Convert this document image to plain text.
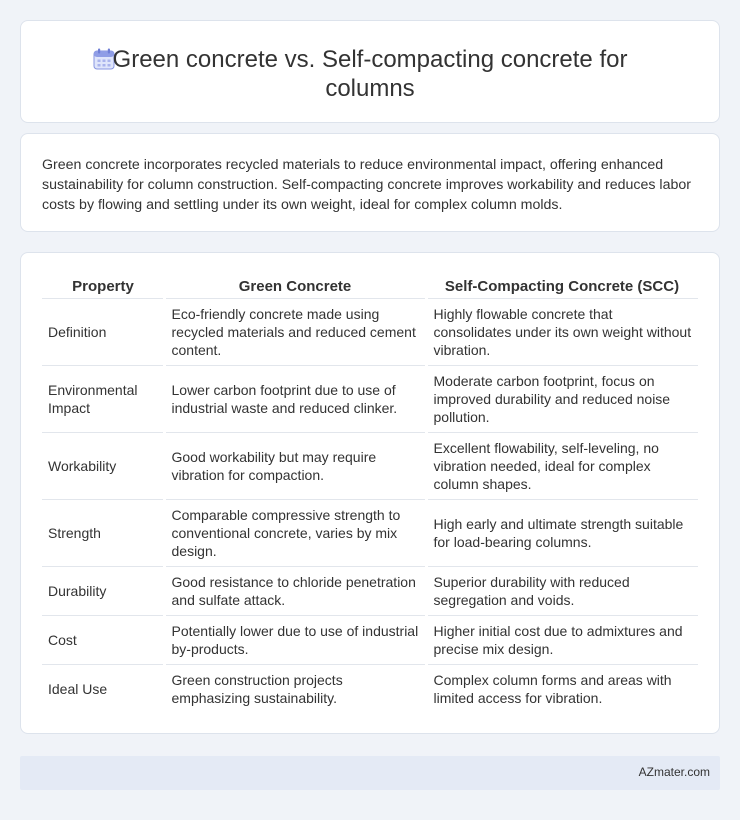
Green concrete vs. Self-compacting concrete for columns

Green concrete incorporates recycled materials to reduce environmental impact, offering enhanced sustainability for column construction. Self-compacting concrete improves workability and reduces labor costs by flowing and settling under its own weight, ideal for complex column molds.

Property	Green Concrete	Self-Compacting Concrete (SCC)
Definition	Eco-friendly concrete made using recycled materials and reduced cement content.	Highly flowable concrete that consolidates under its own weight without vibration.
Environmental Impact	Lower carbon footprint due to use of industrial waste and reduced clinker.	Moderate carbon footprint, focus on improved durability and reduced noise pollution.
Workability	Good workability but may require vibration for compaction.	Excellent flowability, self-leveling, no vibration needed, ideal for complex column shapes.
Strength	Comparable compressive strength to conventional concrete, varies by mix design.	High early and ultimate strength suitable for load-bearing columns.
Durability	Good resistance to chloride penetration and sulfate attack.	Superior durability with reduced segregation and voids.
Cost	Potentially lower due to use of industrial by-products.	Higher initial cost due to admixtures and precise mix design.
Ideal Use	Green construction projects emphasizing sustainability.	Complex column forms and areas with limited access for vibration.
AZmater.com
